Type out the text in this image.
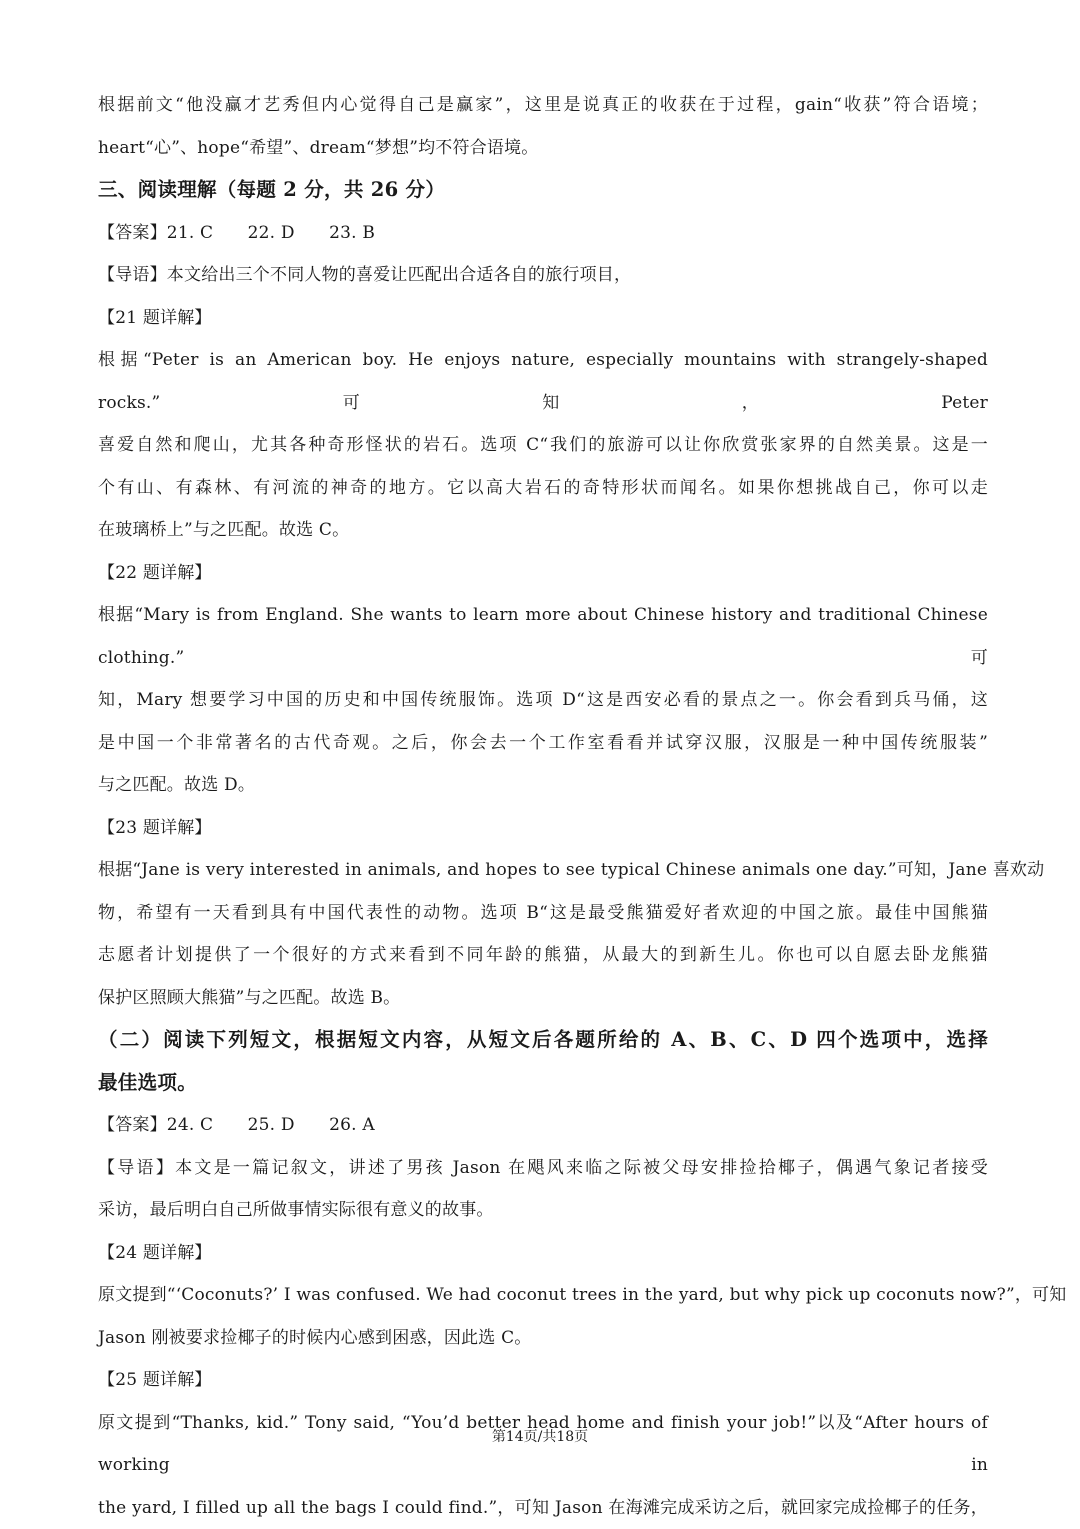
根据前文“他没赢才艺秀但内心觉得自己是赢家”，这里是说真正的收获在于过程，gain“收获”符合语境；
heart“心”、hope“希望”、dream“梦想”均不符合语境。
三、阅读理解（每题 2 分，共 26 分）
【答案】21. C　　22. D　　23. B
【导语】本文给出三个不同人物的喜爱让匹配出合适各自的旅行项目，
【21 题详解】
根据“Peter is an American boy. He enjoys nature, especially mountains with strangely-shaped rocks.”可知，Peter
喜爱自然和爬山，尤其各种奇形怪状的岩石。选项 C“我们的旅游可以让你欣赏张家界的自然美景。这是一
个有山、有森林、有河流的神奇的地方。它以高大岩石的奇特形状而闻名。如果你想挑战自己，你可以走
在玻璃桥上”与之匹配。故选 C。
【22 题详解】
根据“Mary is from England. She wants to learn more about Chinese history and traditional Chinese clothing.”可
知，Mary 想要学习中国的历史和中国传统服饰。选项 D“这是西安必看的景点之一。你会看到兵马俑，这
是中国一个非常著名的古代奇观。之后，你会去一个工作室看看并试穿汉服，汉服是一种中国传统服装”
与之匹配。故选 D。
【23 题详解】
根据“Jane is very interested in animals, and hopes to see typical Chinese animals one day.”可知，Jane 喜欢动
物，希望有一天看到具有中国代表性的动物。选项 B“这是最受熊猫爱好者欢迎的中国之旅。最佳中国熊猫
志愿者计划提供了一个很好的方式来看到不同年龄的熊猫，从最大的到新生儿。你也可以自愿去卧龙熊猫
保护区照顾大熊猫”与之匹配。故选 B。
（二）阅读下列短文，根据短文内容，从短文后各题所给的 A、B、C、D 四个选项中，选择
最佳选项。
【答案】24. C　　25. D　　26. A
【导语】本文是一篇记叙文，讲述了男孩 Jason 在飓风来临之际被父母安排捡拾椰子，偶遇气象记者接受
采访，最后明白自己所做事情实际很有意义的故事。
【24 题详解】
原文提到“‘Coconuts?’ I was confused. We had coconut trees in the yard, but why pick up coconuts now?”，可知
Jason 刚被要求捡椰子的时候内心感到困惑，因此选 C。
【25 题详解】
原文提到“Thanks, kid.” Tony said, “You’d better head home and finish your job!”以及“After hours of working in
the yard, I filled up all the bags I could find.”，可知 Jason 在海滩完成采访之后，就回家完成捡椰子的任务，
第14页/共18页
